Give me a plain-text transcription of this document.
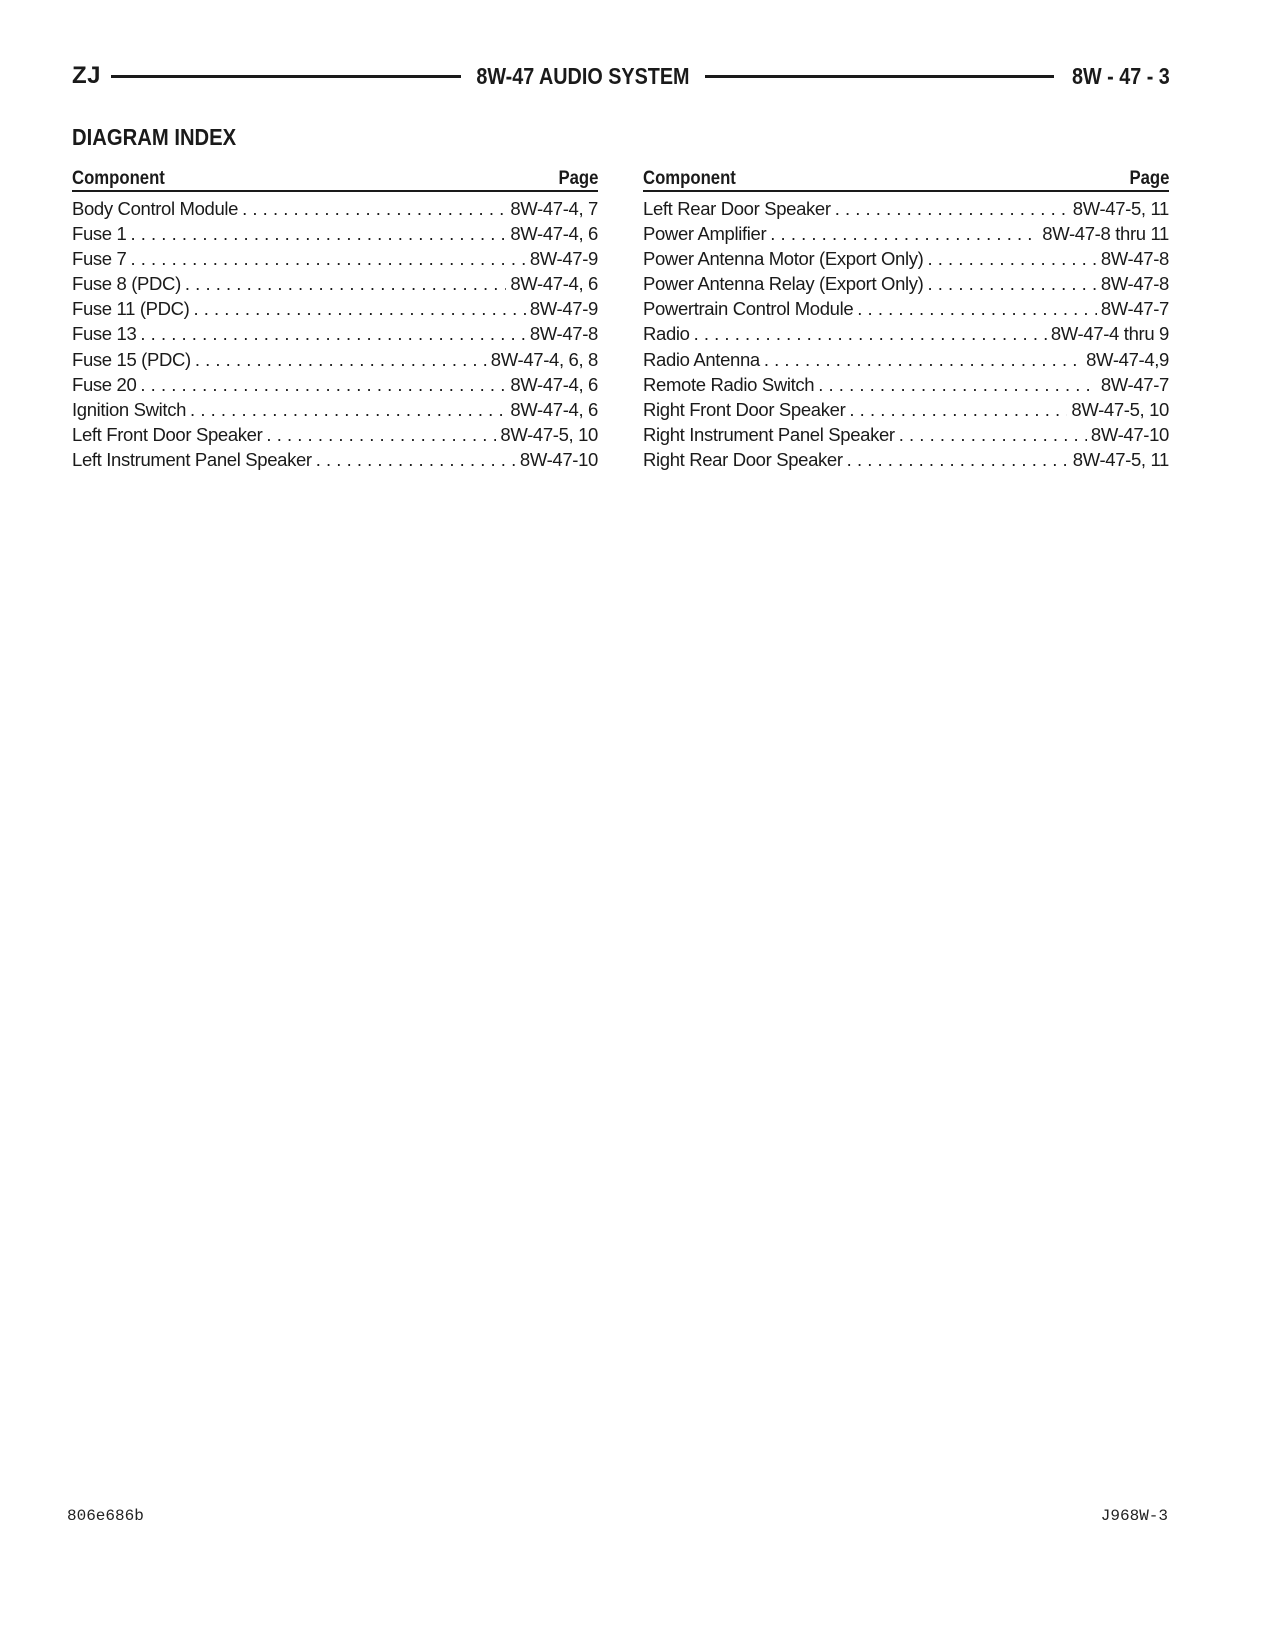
ZJ	8W-47 AUDIO SYSTEM	8W - 47 - 3
DIAGRAM INDEX
Component	Page
Body Control Module . . .	8W-47-4, 7
Fuse 1 . . .	8W-47-4, 6
Fuse 7 . . .	8W-47-9
Fuse 8 (PDC) . . .	8W-47-4, 6
Fuse 11 (PDC) . . .	8W-47-9
Fuse 13 . . .	8W-47-8
Fuse 15 (PDC) . . .	8W-47-4, 6, 8
Fuse 20 . . .	8W-47-4, 6
Ignition Switch . . .	8W-47-4, 6
Left Front Door Speaker . . .	8W-47-5, 10
Left Instrument Panel Speaker . . .	8W-47-10
Component	Page
Left Rear Door Speaker . . .	8W-47-5, 11
Power Amplifier . . .	8W-47-8 thru 11
Power Antenna Motor (Export Only) . . .	8W-47-8
Power Antenna Relay (Export Only) . . .	8W-47-8
Powertrain Control Module . . .	8W-47-7
Radio . . .	8W-47-4 thru 9
Radio Antenna . . .	8W-47-4,9
Remote Radio Switch . . .	8W-47-7
Right Front Door Speaker . . .	8W-47-5, 10
Right Instrument Panel Speaker . . .	8W-47-10
Right Rear Door Speaker . . .	8W-47-5, 11
806e686b	J968W-3
